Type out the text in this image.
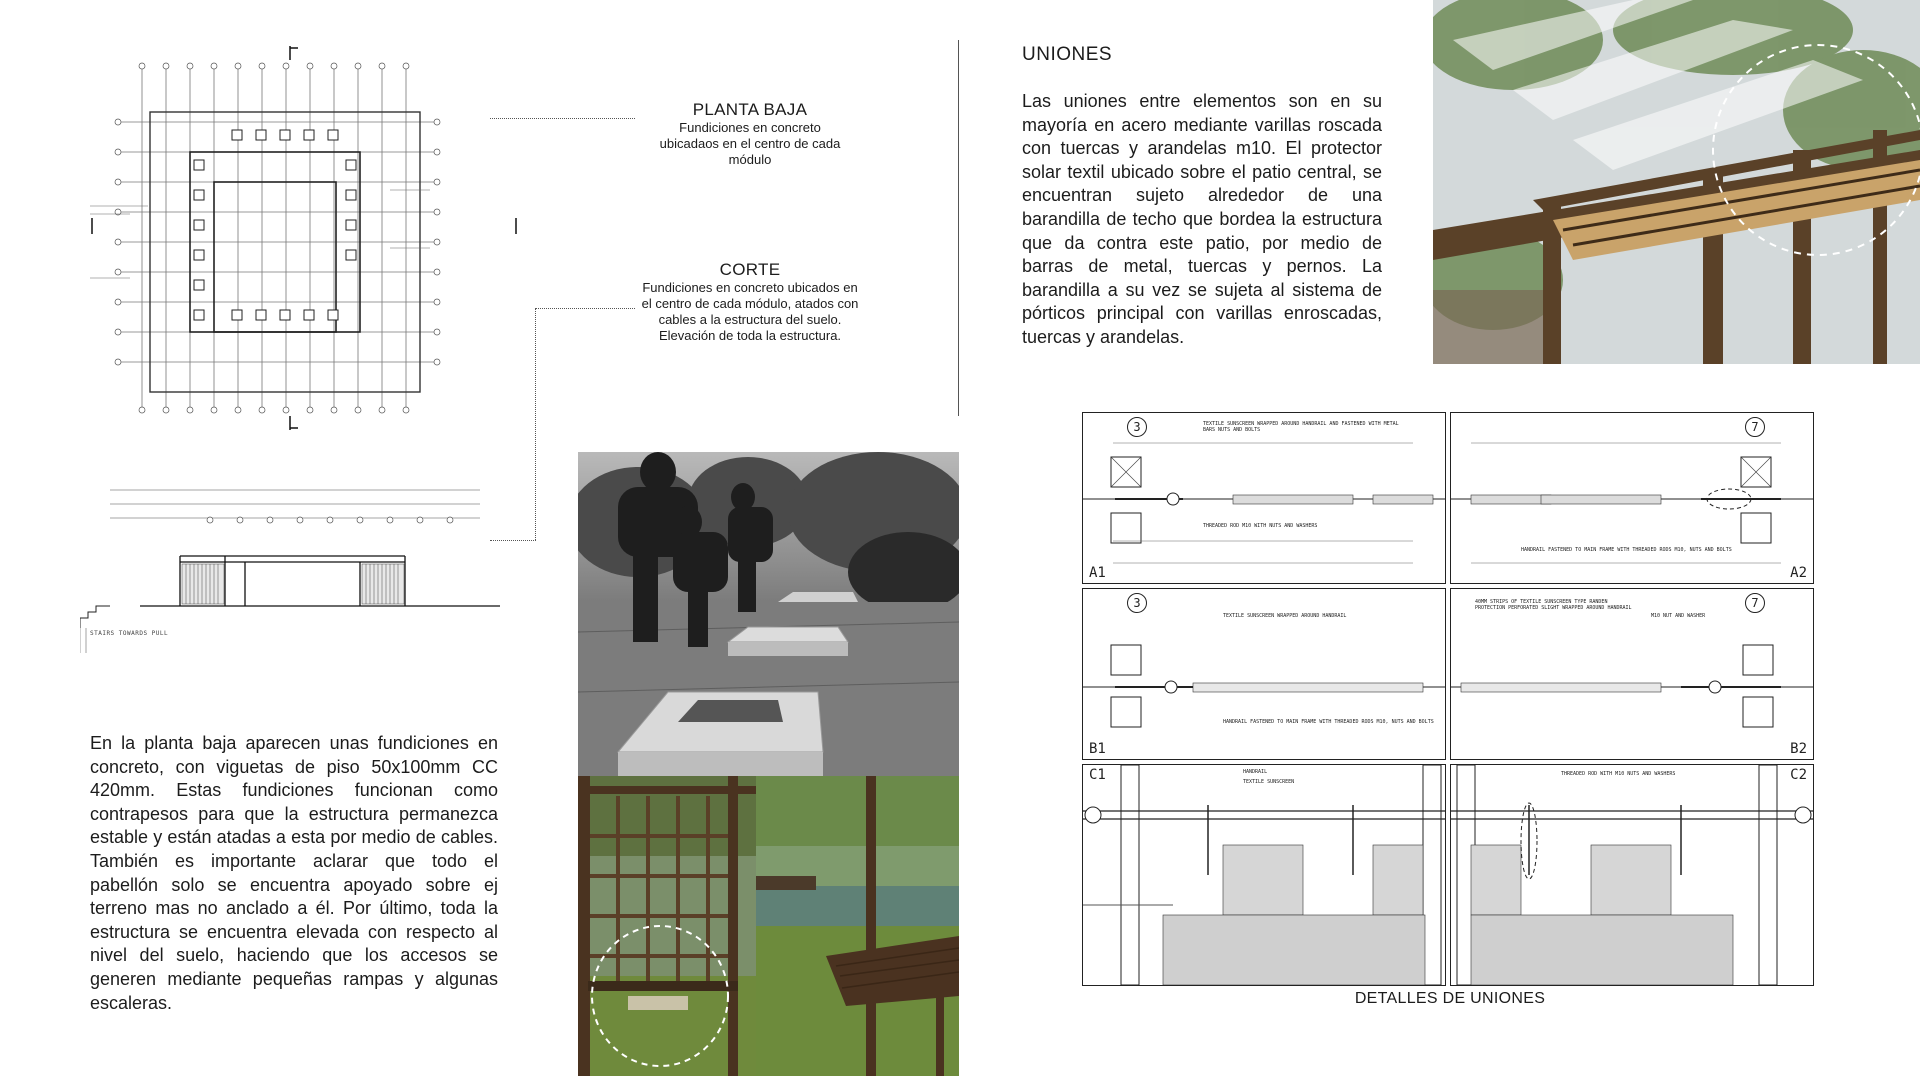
PLANTA BAJA
Fundiciones en concreto ubicadaos en el centro de cada módulo
CORTE
Fundiciones en concreto ubicados en el centro de cada módulo, atados con cables a la estructura del suelo. Elevación de toda la estructura.
STAIRS TOWARDS PULL
En la planta baja aparecen unas fundiciones en concreto, con viguetas de piso 50x100mm CC 420mm. Estas fundiciones funcionan como contrapesos para que la estructura permanezca estable y están atadas a esta por medio de cables. También es importante aclarar que todo el pabellón solo se encuentra apoyado sobre ej terreno mas no anclado a él. Por último, toda la estructura se encuentra elevada con respecto al nivel del suelo, haciendo que los accesos se generen mediante pequeñas rampas y algunas escaleras.
UNIONES
Las uniones entre elementos son en su mayoría en acero mediante varillas roscada con tuercas y arandelas m10. El protector solar textil ubicado sobre el patio central, se encuentran sujeto alrededor de una barandilla de techo que bordea la estructura que da contra este patio, por medio de barras de metal, tuercas y pernos. La barandilla a su vez se sujeta al sistema de pórticos principal con varillas enroscadas, tuercas y arandelas.
3	TEXTILE SUNSCREEN WRAPPED AROUND HANDRAIL AND FASTENED WITH METAL BARS NUTS AND BOLTS
THREADED ROD M10 WITH NUTS AND WASHERS
A1
7
HANDRAIL FASTENED TO MAIN FRAME WITH THREADED RODS M10, NUTS AND BOLTS
A2
3
TEXTILE SUNSCREEN WRAPPED AROUND HANDRAIL
HANDRAIL FASTENED TO MAIN FRAME WITH THREADED RODS M10, NUTS AND BOLTS
B1
7
40MM STRIPS OF TEXTILE SUNSCREEN TYPE RANDEN PROTECTION PERFORATED SLIGHT WRAPPED AROUND HANDRAIL
M10 NUT AND WASHER
B2
HANDRAIL
TEXTILE SUNSCREEN
C1	THREADED ROD WITH M10 NUTS AND WASHERS	C2
DETALLES DE UNIONES
